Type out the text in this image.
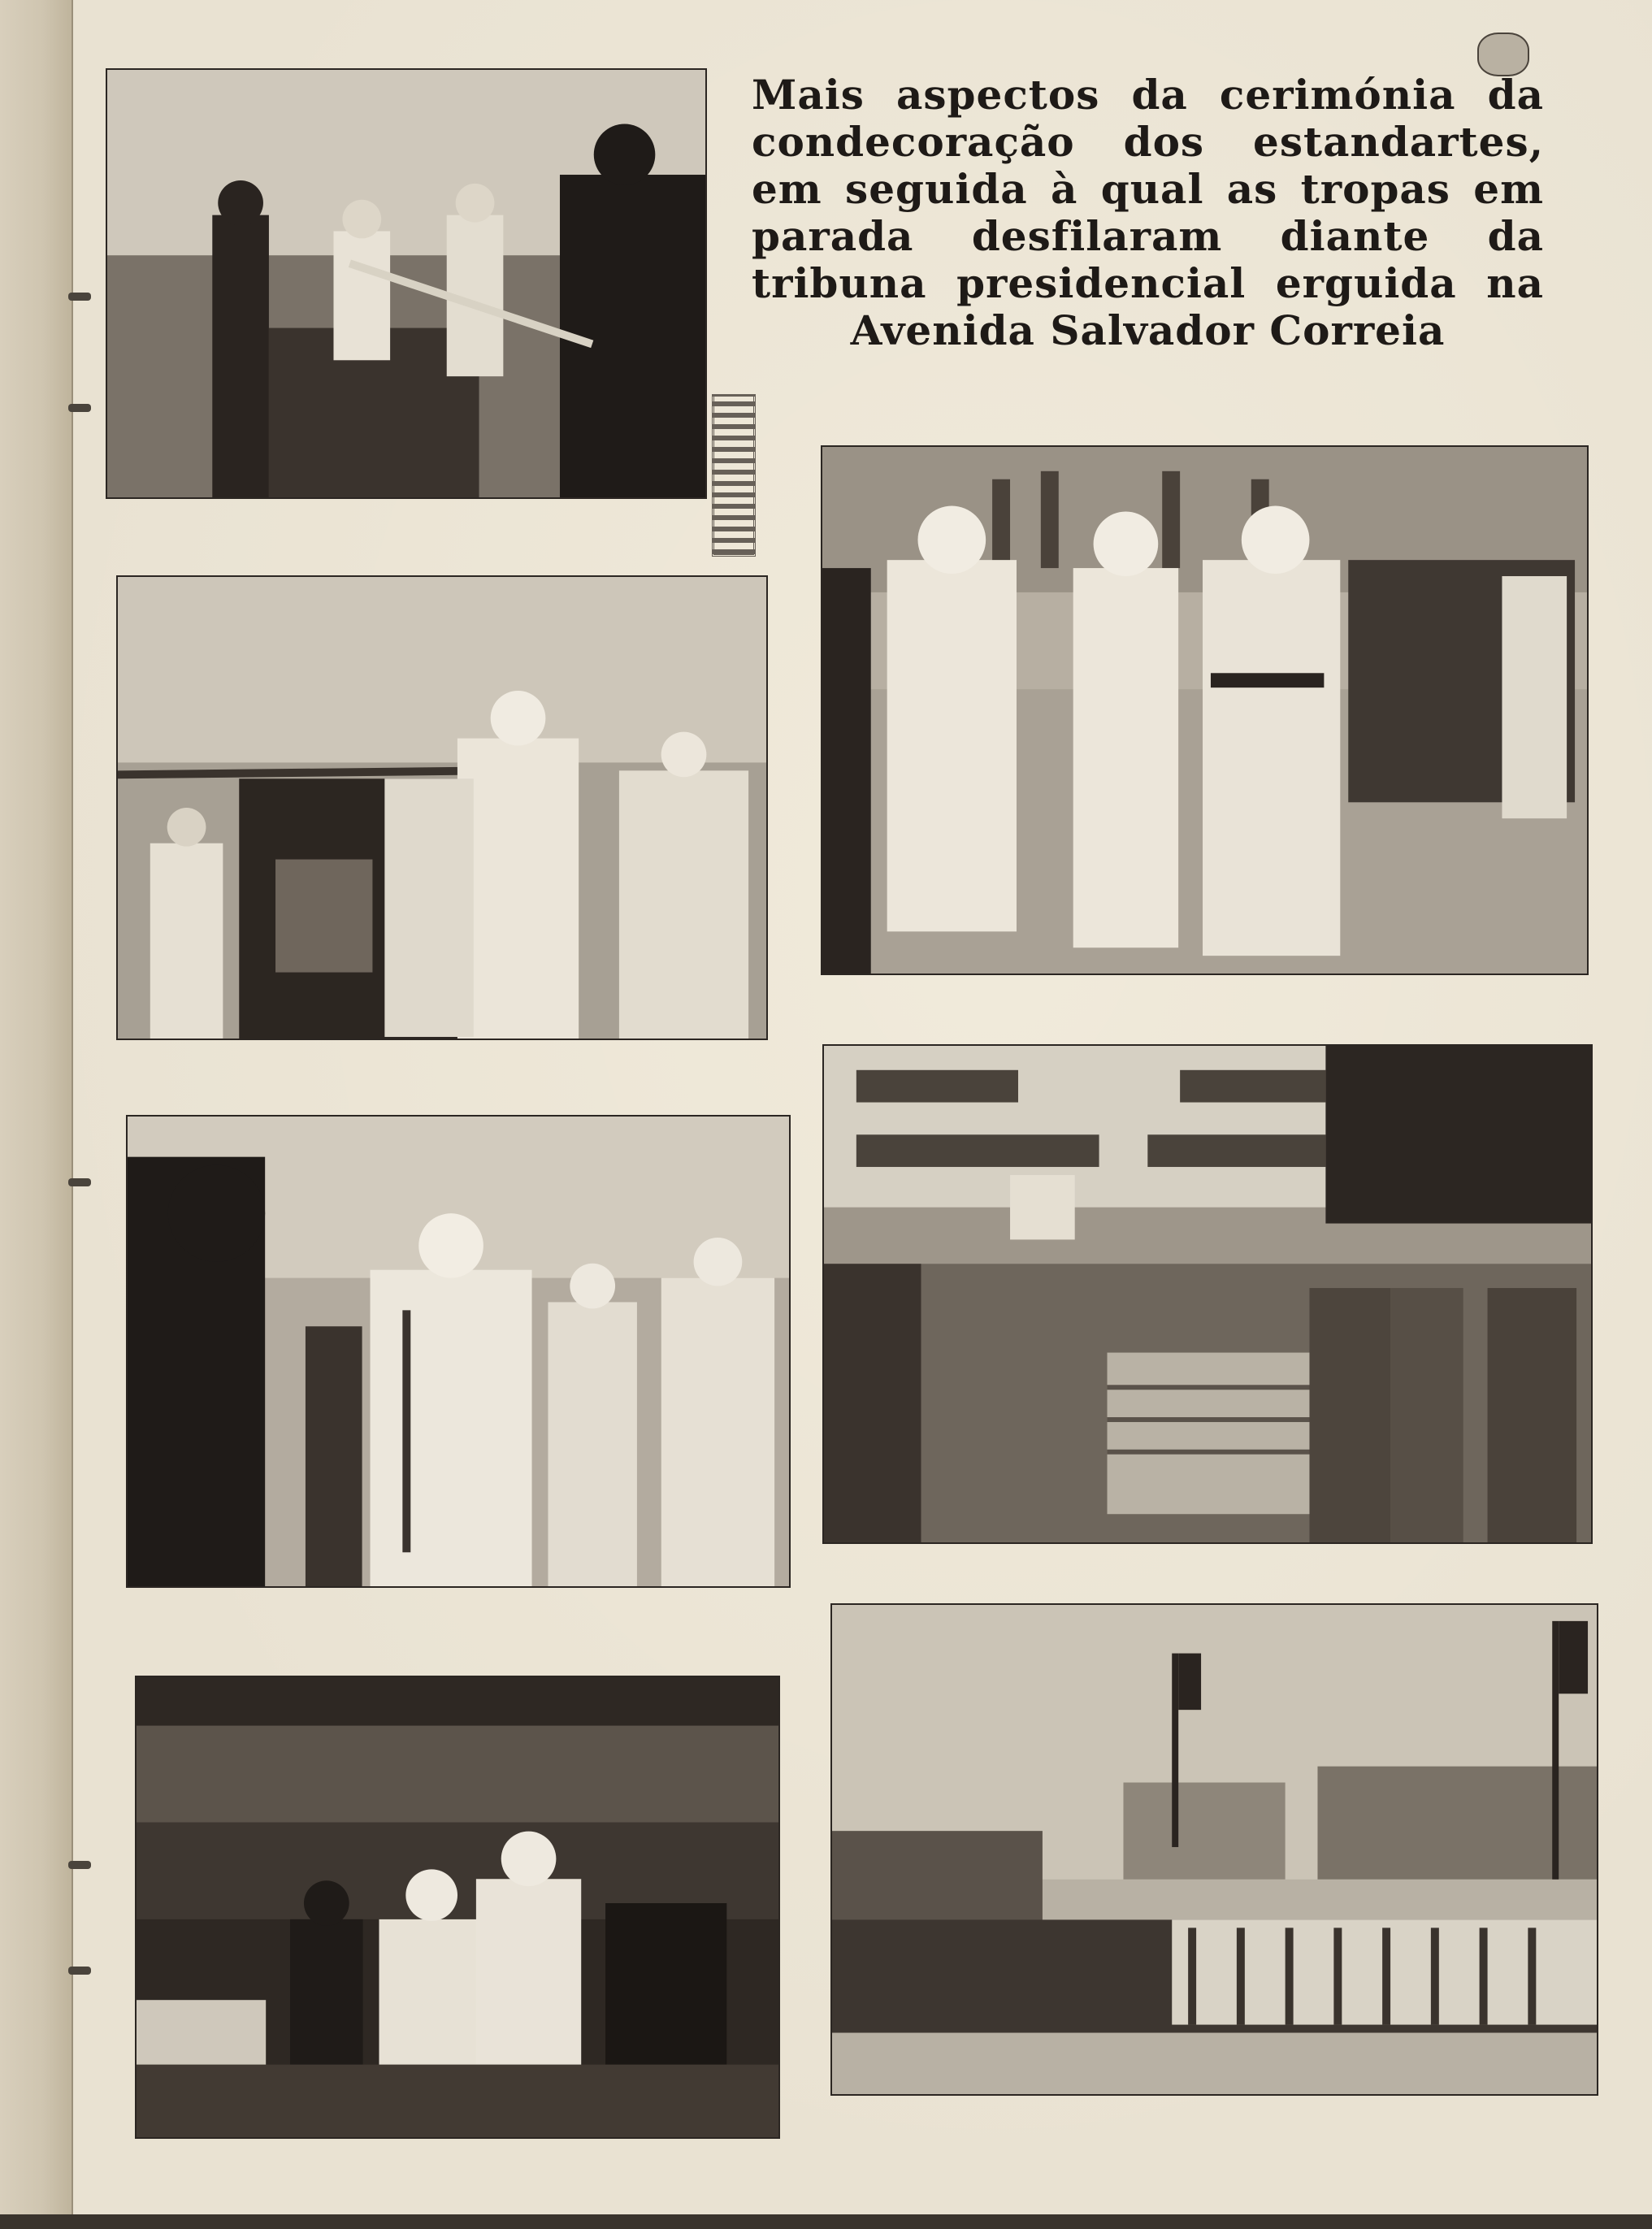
Mais aspectos da cerimónia da condecoração dos estandartes, em seguida à qual as tropas em parada desfilaram diante da tribuna presidencial erguida na Avenida Salvador Correia
